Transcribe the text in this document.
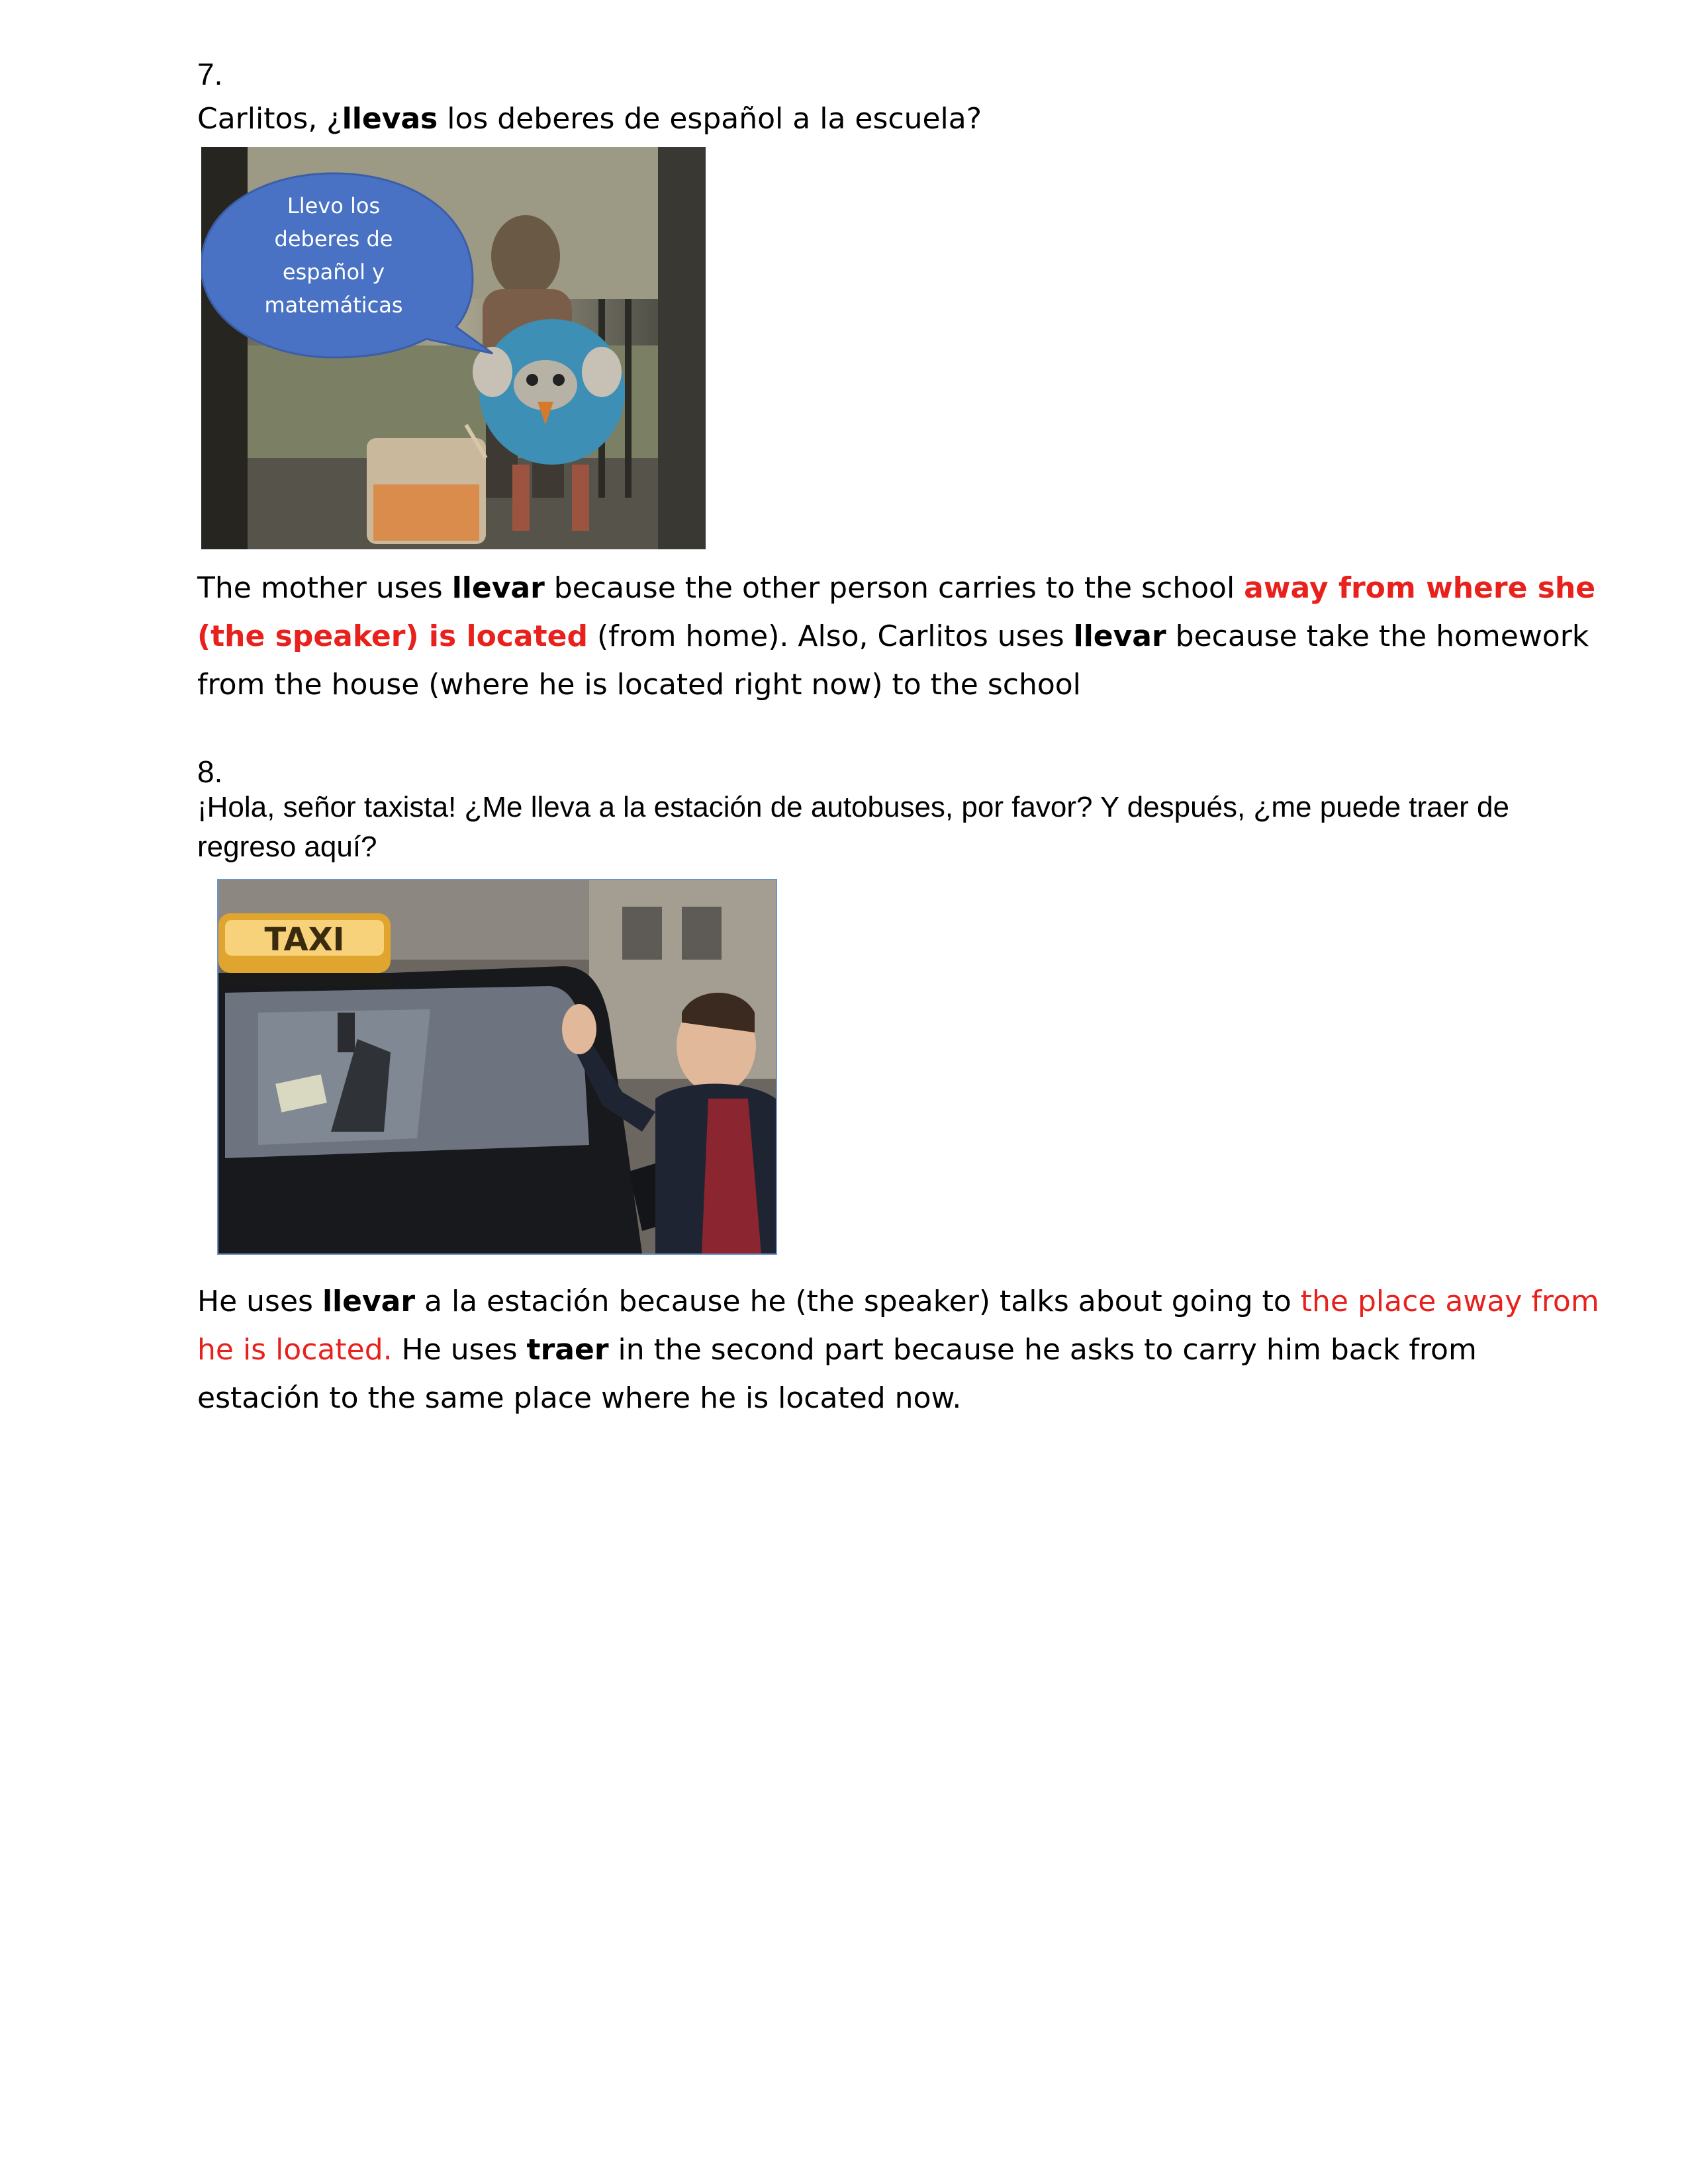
7.
Carlitos, ¿llevas los deberes de español a la escuela?
Llevo los
deberes de
español y
matemáticas
The mother uses llevar because the other person carries to the school away from where she (the speaker) is located (from home). Also, Carlitos uses llevar because take the homework from the house (where he is located right now) to the school
8.
¡Hola, señor taxista! ¿Me lleva a la estación de autobuses, por favor? Y después, ¿me puede traer de regreso aquí?
TAXI
He uses llevar a la estación because he (the speaker) talks about going to the place away from he is located. He uses traer in the second part because he asks to carry him back from estación to the same place where he is located now.
